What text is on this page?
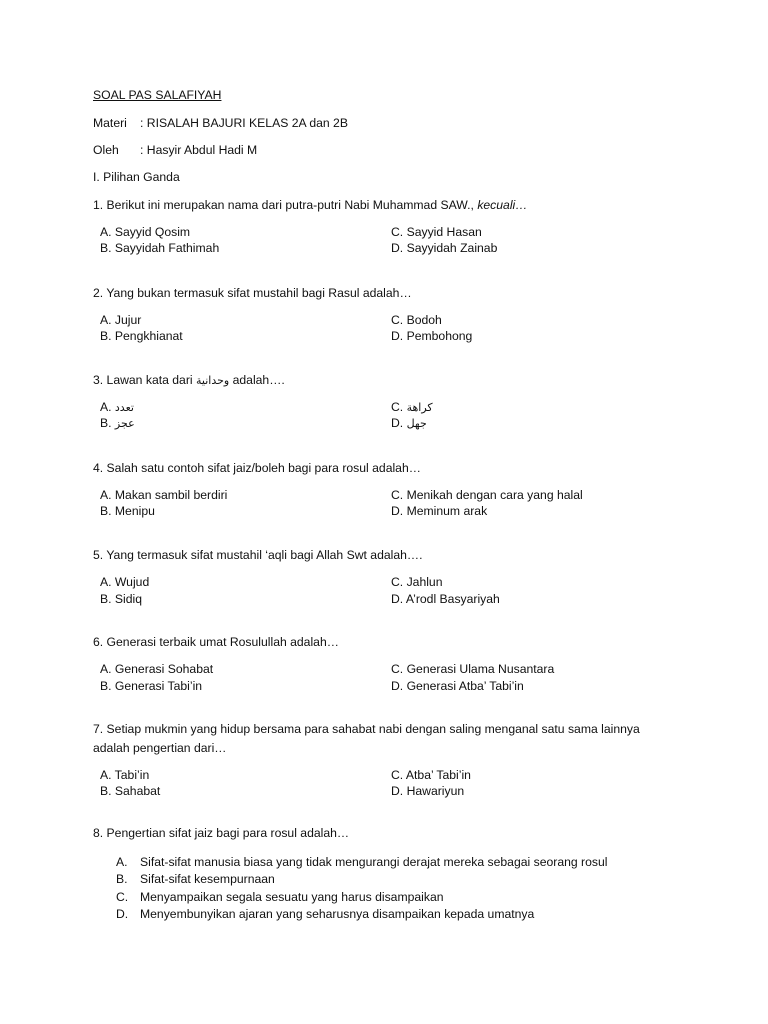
SOAL PAS SALAFIYAH
Materi : RISALAH BAJURI KELAS 2A dan 2B
Oleh : Hasyir Abdul Hadi M
I. Pilihan Ganda
1. Berikut ini merupakan nama dari putra-putri Nabi Muhammad SAW., kecuali…
A. Sayyid Qosim
B. Sayyidah Fathimah
C. Sayyid Hasan
D. Sayyidah Zainab
2. Yang bukan termasuk sifat mustahil bagi Rasul adalah…
A. Jujur
B. Pengkhianat
C. Bodoh
D. Pembohong
3. Lawan kata dari وحدانية adalah….
A. تعدد
B. عجز
C. كراهة
D. جهل
4. Salah satu contoh sifat jaiz/boleh bagi para rosul adalah…
A. Makan sambil berdiri
B. Menipu
C. Menikah dengan cara yang halal
D. Meminum arak
5. Yang termasuk sifat mustahil ‘aqli bagi Allah Swt adalah….
A. Wujud
B. Sidiq
C. Jahlun
D. A’rodl Basyariyah
6. Generasi terbaik umat Rosulullah adalah…
A. Generasi Sohabat
B. Generasi Tabi’in
C. Generasi Ulama Nusantara
D. Generasi Atba’ Tabi’in
7. Setiap mukmin yang hidup bersama para sahabat nabi dengan saling menganal satu sama lainnya
adalah pengertian dari…
A. Tabi’in
B. Sahabat
C. Atba’ Tabi’in
D. Hawariyun
8. Pengertian sifat jaiz bagi para rosul adalah…
A. Sifat-sifat manusia biasa yang tidak mengurangi derajat mereka sebagai seorang rosul
B. Sifat-sifat kesempurnaan
C. Menyampaikan segala sesuatu yang harus disampaikan
D. Menyembunyikan ajaran yang seharusnya disampaikan kepada umatnya
